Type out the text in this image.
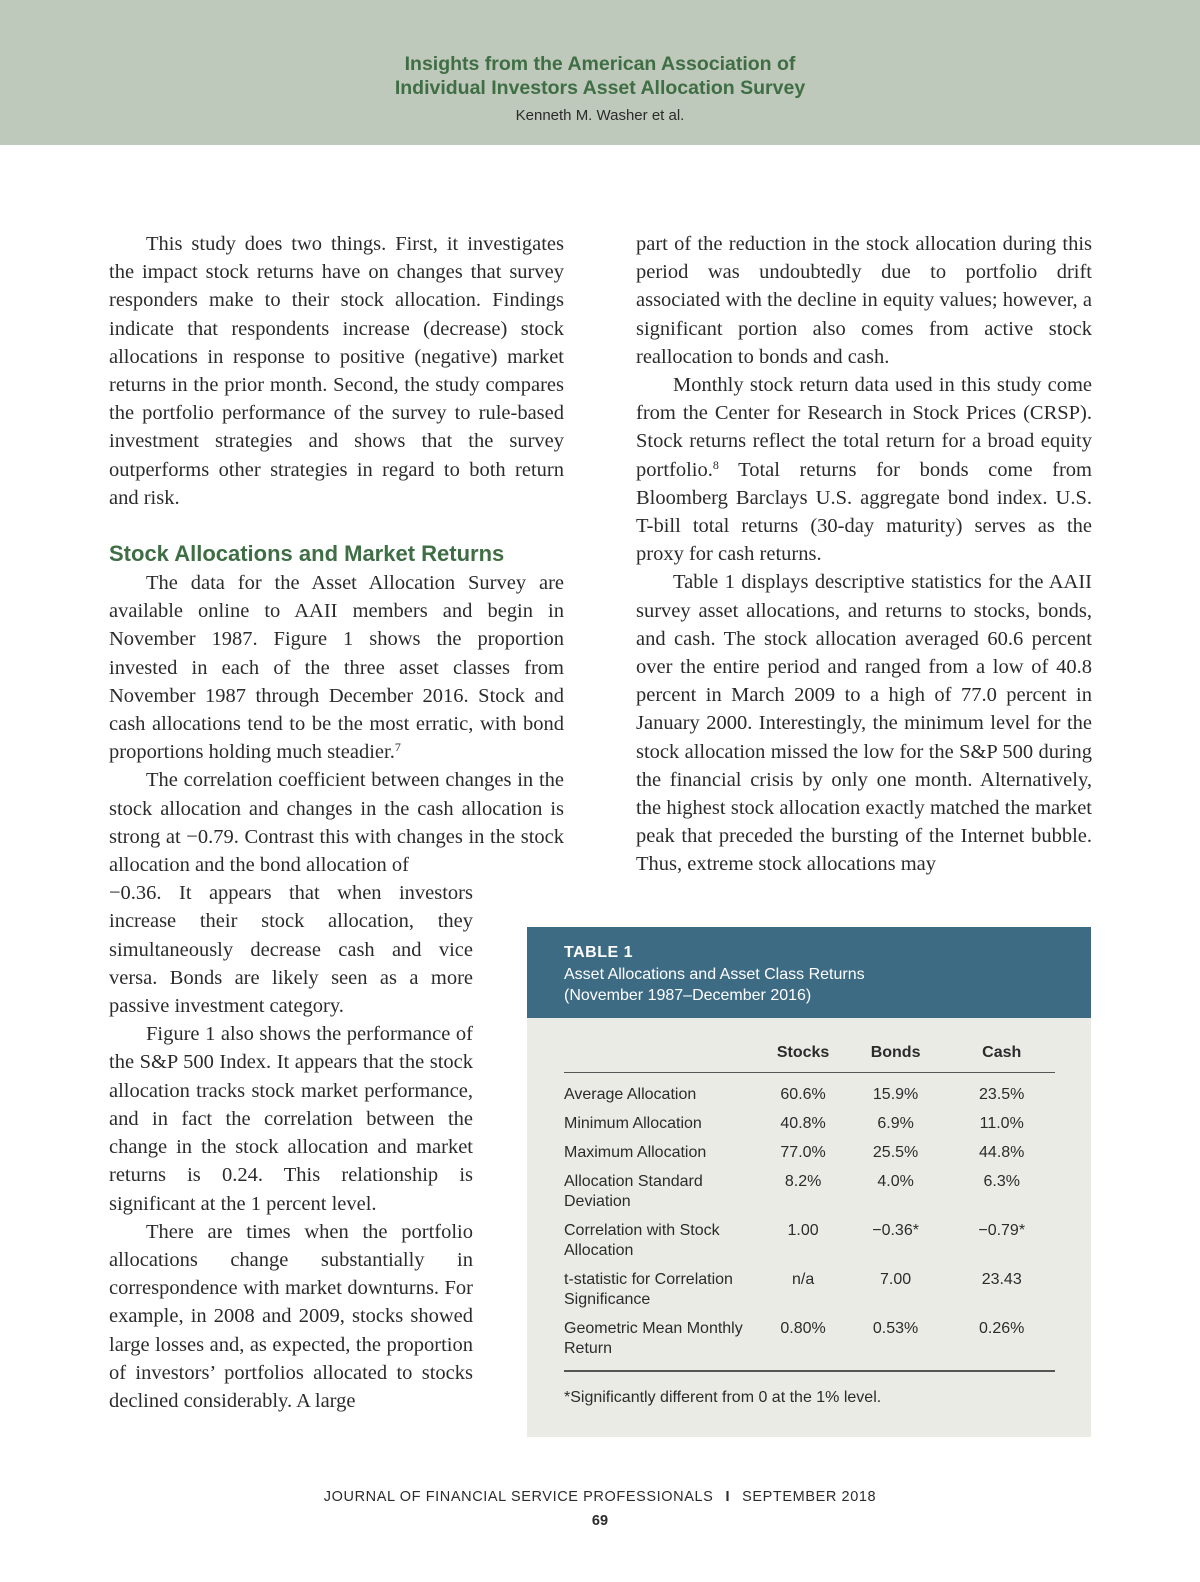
Insights from the American Association of
Individual Investors Asset Allocation Survey
Kenneth M. Washer et al.

This study does two things. First, it investigates the impact stock returns have on changes that survey responders make to their stock allocation. Findings indicate that respondents increase (decrease) stock allocations in response to positive (negative) market returns in the prior month. Second, the study compares the portfolio performance of the survey to rule-based investment strategies and shows that the survey outperforms other strategies in regard to both return and risk.

Stock Allocations and Market Returns

The data for the Asset Allocation Survey are available online to AAII members and begin in November 1987. Figure 1 shows the proportion invested in each of the three asset classes from November 1987 through December 2016. Stock and cash allocations tend to be the most erratic, with bond proportions holding much steadier.$^7$

The correlation coefficient between changes in the stock allocation and changes in the cash allocation is strong at −0.79. Contrast this with changes in the stock allocation and the bond allocation of

−0.36. It appears that when investors increase their stock allocation, they simultaneously decrease cash and vice versa. Bonds are likely seen as a more passive investment category.

Figure 1 also shows the performance of the S&P 500 Index. It appears that the stock allocation tracks stock market performance, and in fact the correlation between the change in the stock allocation and market returns is 0.24. This relationship is significant at the 1 percent level.

There are times when the portfolio allocations change substantially in correspondence with market downturns. For example, in 2008 and 2009, stocks showed large losses and, as expected, the proportion of investors’ portfolios allocated to stocks declined considerably. A large

part of the reduction in the stock allocation during this period was undoubtedly due to portfolio drift associated with the decline in equity values; however, a significant portion also comes from active stock reallocation to bonds and cash.

Monthly stock return data used in this study come from the Center for Research in Stock Prices (CRSP). Stock returns reflect the total return for a broad equity portfolio.$^8$ Total returns for bonds come from Bloomberg Barclays U.S. aggregate bond index. U.S. T-bill total returns (30-day maturity) serves as the proxy for cash returns.

Table 1 displays descriptive statistics for the AAII survey asset allocations, and returns to stocks, bonds, and cash. The stock allocation averaged 60.6 percent over the entire period and ranged from a low of 40.8 percent in March 2009 to a high of 77.0 percent in January 2000. Interestingly, the minimum level for the stock allocation missed the low for the S&P 500 during the financial crisis by only one month. Alternatively, the highest stock allocation exactly matched the market peak that preceded the bursting of the Internet bubble. Thus, extreme stock allocations may

TABLE 1
Asset Allocations and Asset Class Returns
(November 1987–December 2016)
	Stocks	Bonds	Cash
Average Allocation	60.6%	15.9%	23.5%
Minimum Allocation	40.8%	6.9%	11.0%
Maximum Allocation	77.0%	25.5%	44.8%
Allocation Standard Deviation	8.2%	4.0%	6.3%
Correlation with Stock Allocation	1.00	−0.36*	−0.79*
t-statistic for Correlation Significance	n/a	7.00	23.43
Geometric Mean Monthly Return	0.80%	0.53%	0.26%
*Significantly different from 0 at the 1% level.
JOURNAL OF FINANCIAL SERVICE PROFESSIONALS I SEPTEMBER 2018
69
